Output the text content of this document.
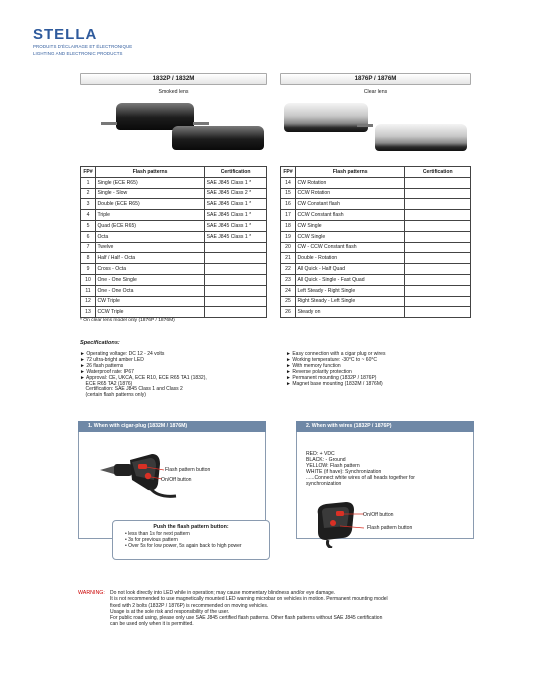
STELLA
PRODUITS D'ÉCLAIRAGE ET ÉLECTRONIQUE
LIGHTING AND ELECTRONIC PRODUCTS
1832P / 1832M
Smoked lens
1876P / 1876M
Clear lens
FP#	Flash patterns	Certification
1	Single (ECE R65)	SAE J845 Class 1 *
2	Single - Slow	SAE J845 Class 2 *
3	Double (ECE R65)	SAE J845 Class 1 *
4	Triple	SAE J845 Class 1 *
5	Quad (ECE R65)	SAE J845 Class 1 *
6	Octa	SAE J845 Class 1 *
7	Twelve	
8	Half / Half - Octa	
9	Cross - Octa	
10	One - One Single	
11	One - One Octa	
12	CW Triple	
13	CCW Triple	
FP#	Flash patterns	Certification
14	CW Rotation	
15	CCW Rotation	
16	CW Constant flash	
17	CCW Constant flash	
18	CW Single	
19	CCW Single	
20	CW - CCW Constant flash	
21	Double - Rotation	
22	All Quick - Half Quad	
23	All Quick - Single - Fast Quad	
24	Left Steady - Right Single	
25	Right Steady - Left Single	
26	Steady on	
* On clear lens model only (1876P / 1876M)
Specifications:
► Operating voltage: DC 12 - 24 volts
► 72 ultra-bright amber LED
► 26 flash patterns
► Waterproof rate: IP67
► Approval: CE, UKCA, ECE R10, ECE R65 TA1 (1832),
ECE R65 TA2 (1876)
Certification: SAE J845 Class 1 and Class 2
(certain flash patterns only)
► Easy connection with a cigar plug or wires
► Working temperature: -30°C to ~ 60°C
► With memory function
► Reverse polarity protection
► Permanent mounting (1832P / 1876P)
► Magnet base mounting (1832M / 1876M)
1. When with cigar-plug (1832M / 1876M)
Flash pattern button
On/Off button
Push the flash pattern button:
• less than 1s for next pattern
• 3s for previous pattern
• Over 5s for low power, 5s again back to high power
2. When with wires (1832P / 1876P)
RED: + VDC
BLACK: - Ground
YELLOW: Flash pattern
WHITE (if have): Synchronization
......Connect white wires of all heads together for
synchronization
On/Off button
Flash pattern button
WARNING: Do not look directly into LED while in operation; may cause momentary blindness and/or eye damage.
It is not recommended to use magnetically mounted LED warning microbar on vehicles in motion. Permanent mounting model
fixed with 2 bolts (1832P / 1876P) is recommended on moving vehicles.
Usage is at the sole risk and responsibility of the user.
For public road using, please only use SAE J845 certified flash patterns. Other flash patterns without SAE J845 certification
can be used only when it is permitted.
